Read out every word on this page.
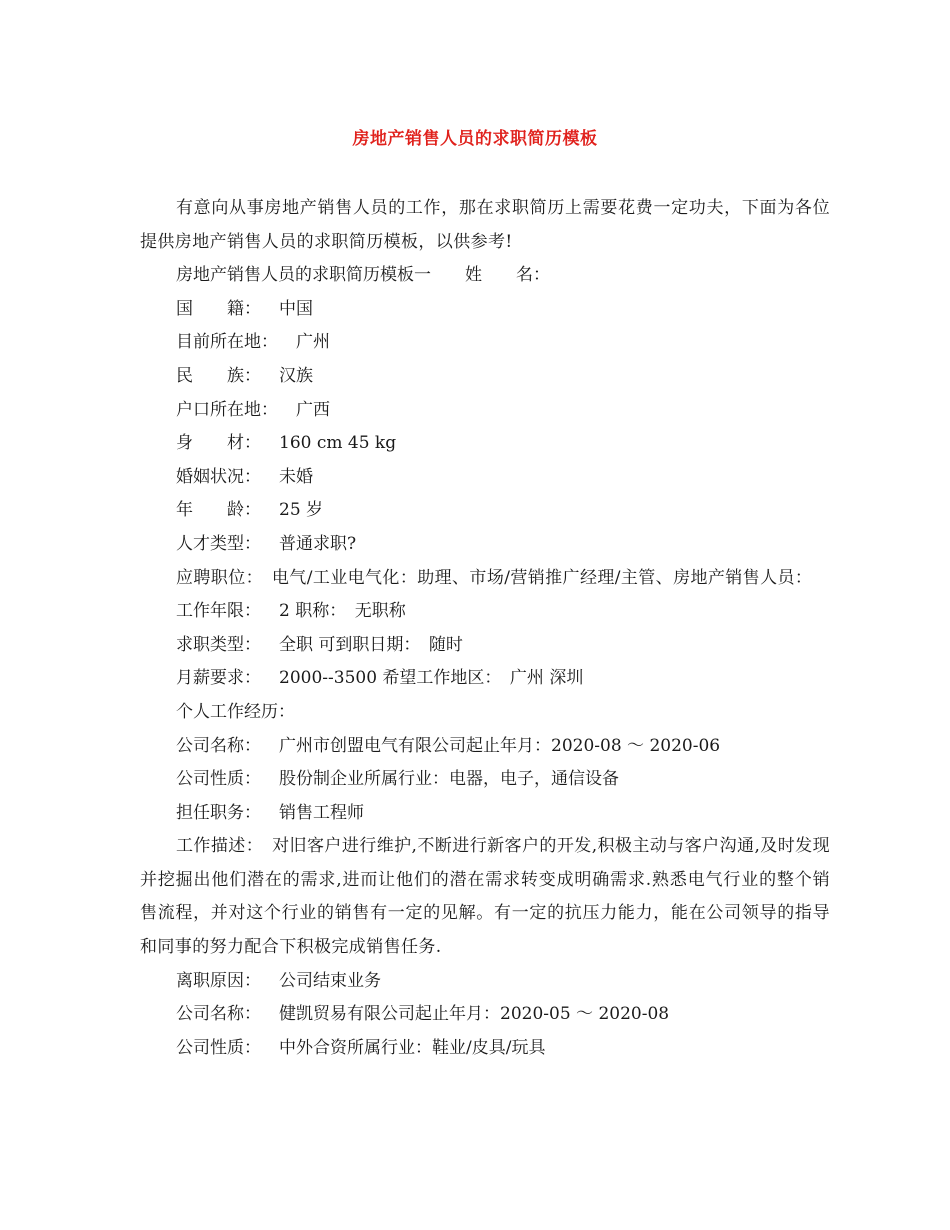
房地产销售人员的求职简历模板

有意向从事房地产销售人员的工作，那在求职简历上需要花费一定功夫，下面为各位提供房地产销售人员的求职简历模板，以供参考!

房地产销售人员的求职简历模板一　　姓　　名：

国　　籍： 中国
目前所在地： 广州
民　　族： 汉族
户口所在地： 广西
身　　材： 160 cm 45 kg
婚姻状况： 未婚
年　　龄： 25 岁
人才类型： 普通求职?

应聘职位：　电气/工业电气化：助理、市场/营销推广经理/主管、房地产销售人员：

工作年限： 2 职称：　无职称
求职类型： 全职 可到职日期：　随时
月薪要求： 2000--3500 希望工作地区：　广州 深圳

个人工作经历：

公司名称： 广州市创盟电气有限公司起止年月：2020-08 ～ 2020-06
公司性质： 股份制企业所属行业：电器，电子，通信设备
担任职务： 销售工程师

工作描述：　对旧客户进行维护,不断进行新客户的开发,积极主动与客户沟通,及时发现并挖掘出他们潜在的需求,进而让他们的潜在需求转变成明确需求.熟悉电气行业的整个销售流程，并对这个行业的销售有一定的见解。有一定的抗压力能力，能在公司领导的指导和同事的努力配合下积极完成销售任务.

离职原因： 公司结束业务
公司名称： 健凯贸易有限公司起止年月：2020-05 ～ 2020-08
公司性质： 中外合资所属行业：鞋业/皮具/玩具
